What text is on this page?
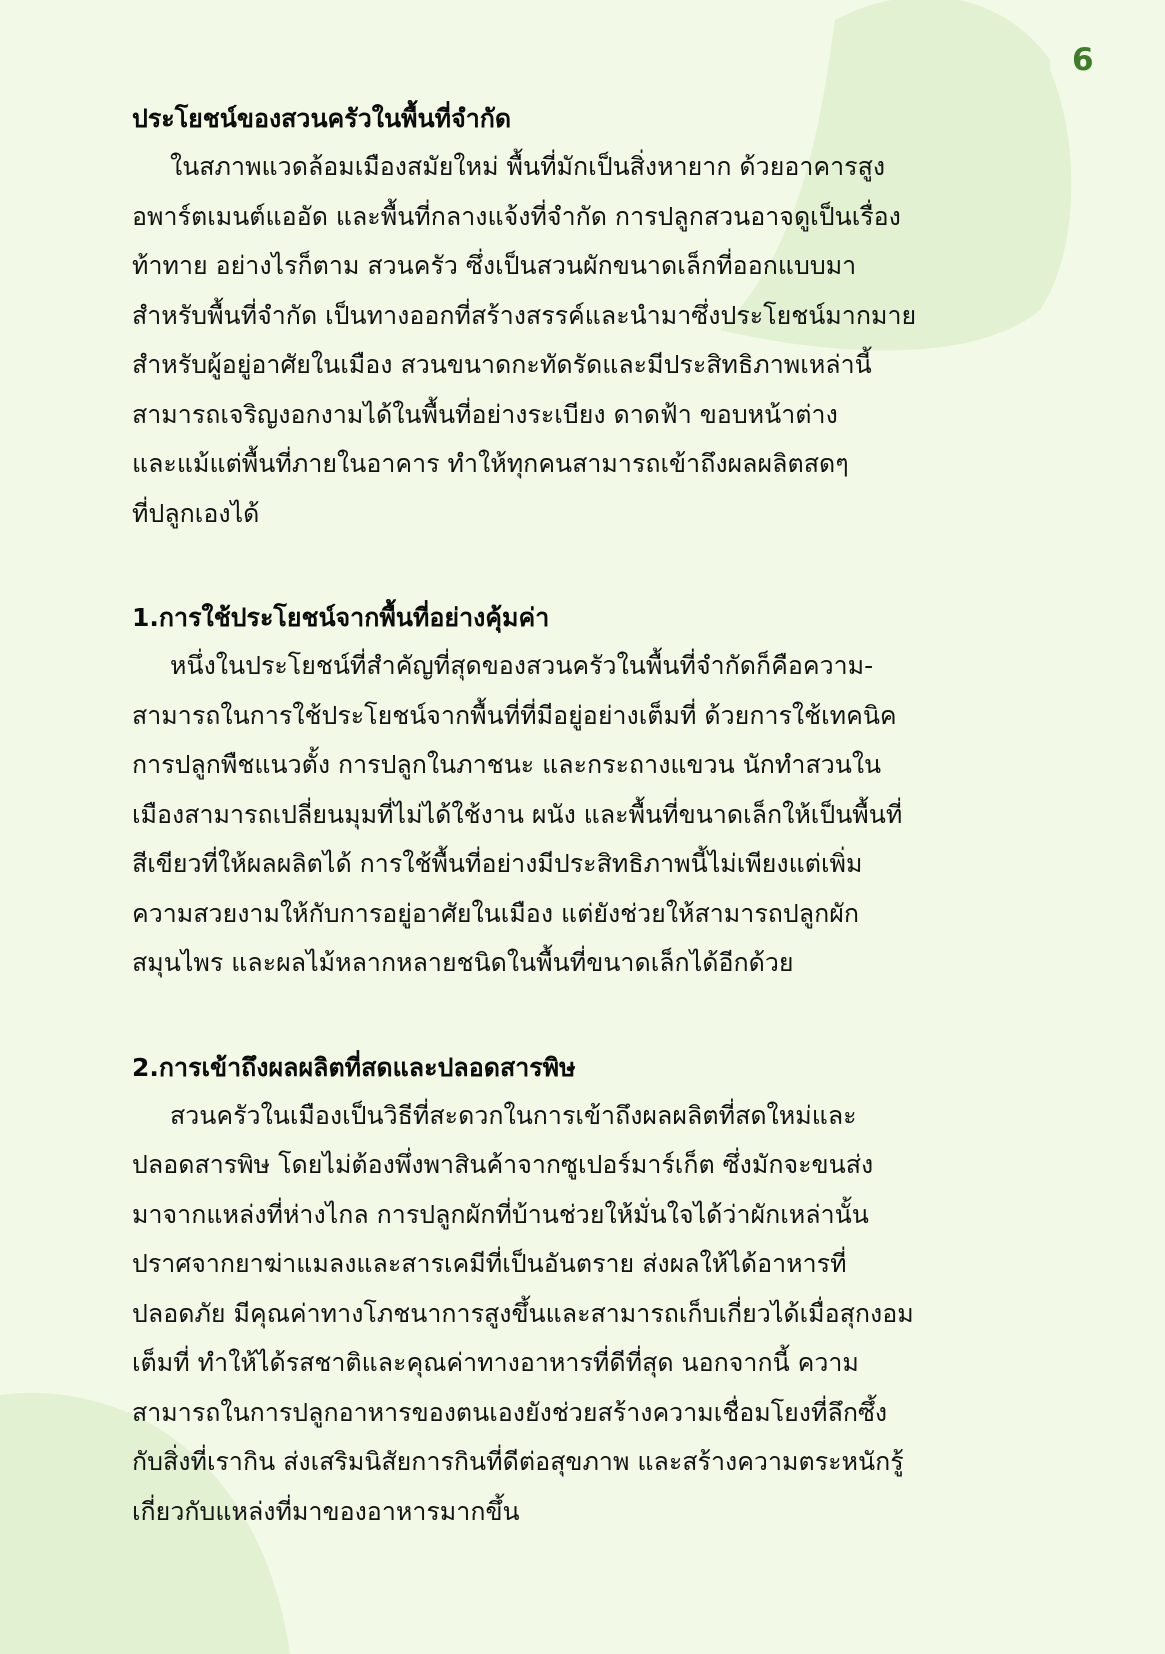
6
ประโยชน์ของสวนครัวในพื้นที่จำกัด
ในสภาพแวดล้อมเมืองสมัยใหม่ พื้นที่มักเป็นสิ่งหายาก ด้วยอาคารสูง
อพาร์ตเมนต์แออัด และพื้นที่กลางแจ้งที่จำกัด การปลูกสวนอาจดูเป็นเรื่อง
ท้าทาย อย่างไรก็ตาม สวนครัว ซึ่งเป็นสวนผักขนาดเล็กที่ออกแบบมา
สำหรับพื้นที่จำกัด เป็นทางออกที่สร้างสรรค์และนำมาซึ่งประโยชน์มากมาย
สำหรับผู้อยู่อาศัยในเมือง สวนขนาดกะทัดรัดและมีประสิทธิภาพเหล่านี้
สามารถเจริญงอกงามได้ในพื้นที่อย่างระเบียง ดาดฟ้า ขอบหน้าต่าง
และแม้แต่พื้นที่ภายในอาคาร ทำให้ทุกคนสามารถเข้าถึงผลผลิตสดๆ
ที่ปลูกเองได้
1.การใช้ประโยชน์จากพื้นที่อย่างคุ้มค่า
หนึ่งในประโยชน์ที่สำคัญที่สุดของสวนครัวในพื้นที่จำกัดก็คือความ-
สามารถในการใช้ประโยชน์จากพื้นที่ที่มีอยู่อย่างเต็มที่ ด้วยการใช้เทคนิค
การปลูกพืชแนวตั้ง การปลูกในภาชนะ และกระถางแขวน นักทำสวนใน
เมืองสามารถเปลี่ยนมุมที่ไม่ได้ใช้งาน ผนัง และพื้นที่ขนาดเล็กให้เป็นพื้นที่
สีเขียวที่ให้ผลผลิตได้ การใช้พื้นที่อย่างมีประสิทธิภาพนี้ไม่เพียงแต่เพิ่ม
ความสวยงามให้กับการอยู่อาศัยในเมือง แต่ยังช่วยให้สามารถปลูกผัก
สมุนไพร และผลไม้หลากหลายชนิดในพื้นที่ขนาดเล็กได้อีกด้วย
2.การเข้าถึงผลผลิตที่สดและปลอดสารพิษ
สวนครัวในเมืองเป็นวิธีที่สะดวกในการเข้าถึงผลผลิตที่สดใหม่และ
ปลอดสารพิษ โดยไม่ต้องพึ่งพาสินค้าจากซูเปอร์มาร์เก็ต ซึ่งมักจะขนส่ง
มาจากแหล่งที่ห่างไกล การปลูกผักที่บ้านช่วยให้มั่นใจได้ว่าผักเหล่านั้น
ปราศจากยาฆ่าแมลงและสารเคมีที่เป็นอันตราย ส่งผลให้ได้อาหารที่
ปลอดภัย มีคุณค่าทางโภชนาการสูงขึ้นและสามารถเก็บเกี่ยวได้เมื่อสุกงอม
เต็มที่ ทำให้ได้รสชาติและคุณค่าทางอาหารที่ดีที่สุด นอกจากนี้ ความ
สามารถในการปลูกอาหารของตนเองยังช่วยสร้างความเชื่อมโยงที่ลึกซึ้ง
กับสิ่งที่เรากิน ส่งเสริมนิสัยการกินที่ดีต่อสุขภาพ และสร้างความตระหนักรู้
เกี่ยวกับแหล่งที่มาของอาหารมากขึ้น
